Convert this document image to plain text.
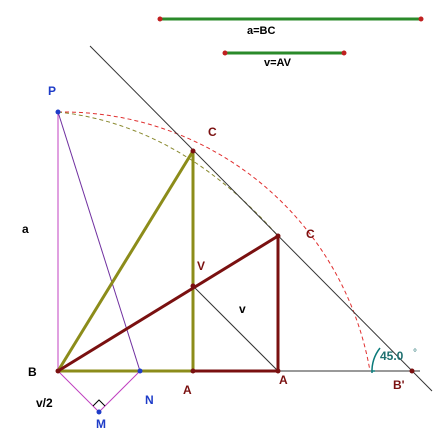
a=BC
v=AV
45.0 °
P
C
C
a
V
v
B
v/2	N
A
A	B'
M
